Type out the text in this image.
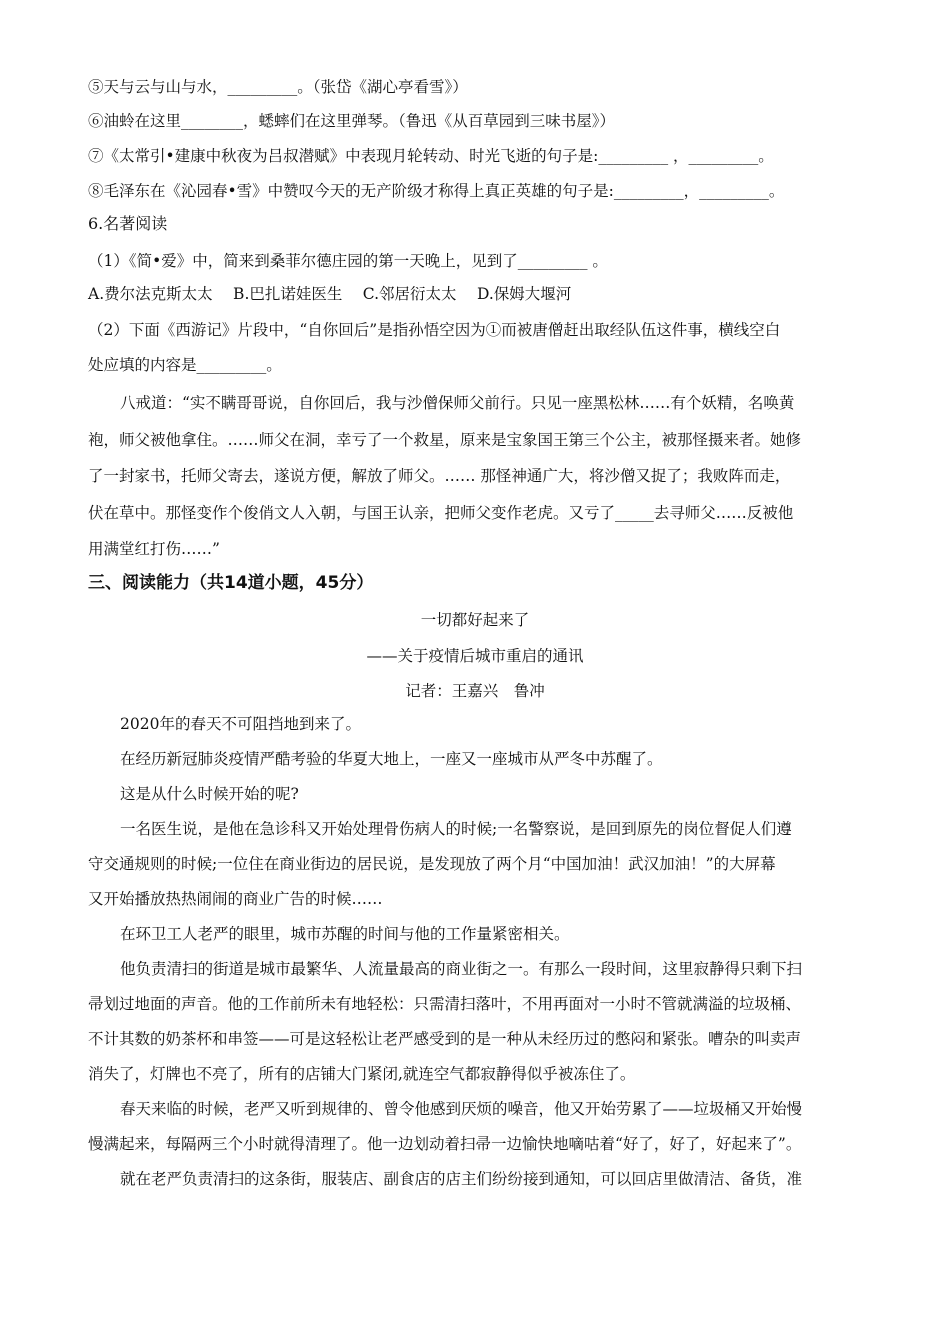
⑤天与云与山与水，_________。（张岱《湖心亭看雪》）
⑥油蛉在这里________，蟋蟀们在这里弹琴。（鲁迅《从百草园到三味书屋》）
⑦《太常引•建康中秋夜为吕叔潜赋》中表现月轮转动、时光飞逝的句子是:_________ ，_________。
⑧毛泽东在《沁园春•雪》中赞叹今天的无产阶级才称得上真正英雄的句子是:_________，_________。
6.名著阅读
（1）《简•爱》中，简来到桑菲尔德庄园的第一天晚上，见到了_________ 。
A.费尔法克斯太太　 B.巴扎诺娃医生　 C.邻居衍太太　 D.保姆大堰河
（2）下面《西游记》片段中，“自你回后”是指孙悟空因为①而被唐僧赶出取经队伍这件事，横线空白
处应填的内容是_________。
八戒道：“实不瞒哥哥说，自你回后，我与沙僧保师父前行。只见一座黑松林……有个妖精，名唤黄
袍，师父被他拿住。……师父在洞，幸亏了一个救星，原来是宝象国王第三个公主，被那怪摄来者。她修
了一封家书，托师父寄去，遂说方便，解放了师父。…… 那怪神通广大，将沙僧又捉了；我败阵而走，
伏在草中。那怪变作个俊俏文人入朝，与国王认亲，把师父变作老虎。又亏了_____去寻师父……反被他
用满堂红打伤……”
三、阅读能力（共14道小题，45分）
一切都好起来了
——关于疫情后城市重启的通讯
记者：王嘉兴　鲁冲
2020年的春天不可阻挡地到来了。
在经历新冠肺炎疫情严酷考验的华夏大地上，一座又一座城市从严冬中苏醒了。
这是从什么时候开始的呢?
一名医生说，是他在急诊科又开始处理骨伤病人的时候;一名警察说，是回到原先的岗位督促人们遵
守交通规则的时候;一位住在商业街边的居民说，是发现放了两个月“中国加油！武汉加油！”的大屏幕
又开始播放热热闹闹的商业广告的时候……
在环卫工人老严的眼里，城市苏醒的时间与他的工作量紧密相关。
他负责清扫的街道是城市最繁华、人流量最高的商业街之一。有那么一段时间，这里寂静得只剩下扫
帚划过地面的声音。他的工作前所未有地轻松：只需清扫落叶，不用再面对一小时不管就满溢的垃圾桶、
不计其数的奶茶杯和串签——可是这轻松让老严感受到的是一种从未经历过的憋闷和紧张。嘈杂的叫卖声
消失了，灯牌也不亮了，所有的店铺大门紧闭,就连空气都寂静得似乎被冻住了。
春天来临的时候，老严又听到规律的、曾令他感到厌烦的噪音，他又开始劳累了——垃圾桶又开始慢
慢满起来，每隔两三个小时就得清理了。他一边划动着扫帚一边愉快地嘀咕着“好了，好了，好起来了”。
就在老严负责清扫的这条街，服装店、副食店的店主们纷纷接到通知，可以回店里做清洁、备货，准
